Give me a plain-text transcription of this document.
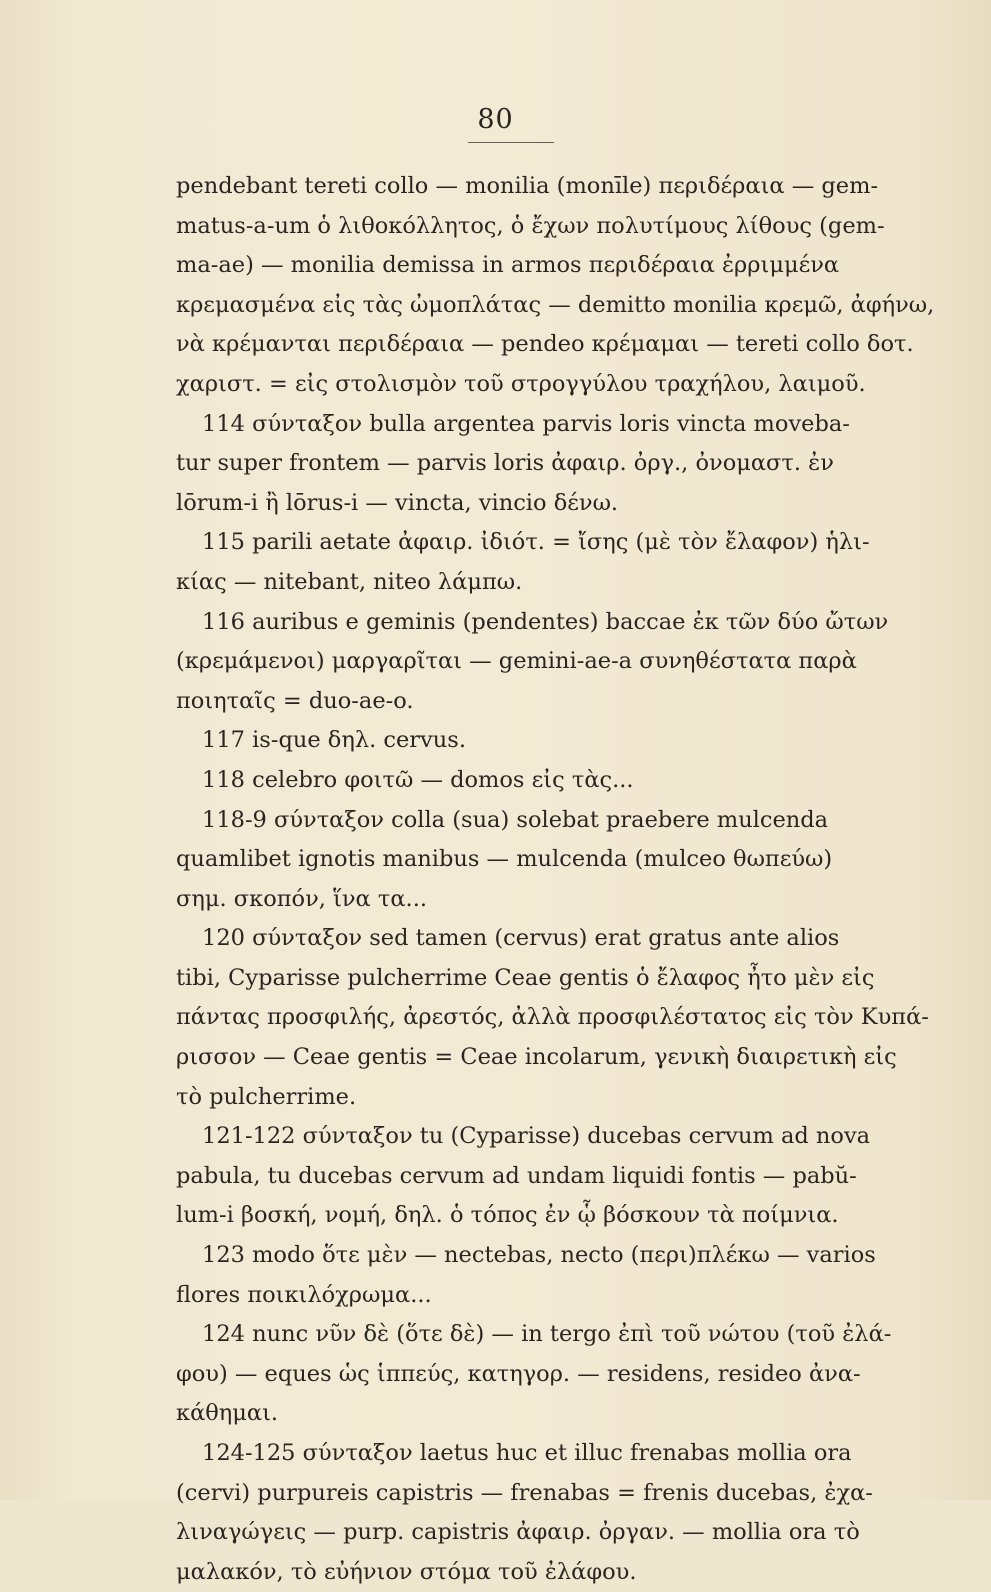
80
pendebant tereti collo — monilia (monīle) περιδέραια — gem-
matus-a-um ὁ λιθοκόλλητος, ὁ ἔχων πολυτίμους λίθους (gem-
ma-ae) — monilia demissa in armos περιδέραια ἐρριμμένα
κρεμασμένα εἰς τὰς ὠμοπλάτας — demitto monilia κρεμῶ, ἀφήνω,
νὰ κρέμανται περιδέραια — pendeo κρέμαμαι — tereti collo δοτ.
χαριστ. = εἰς στολισμὸν τοῦ στρογγύλου τραχήλου, λαιμοῦ.
114 σύνταξον bulla argentea parvis loris vincta moveba-
tur super frontem — parvis loris ἀφαιρ. ὀργ., ὀνομαστ. ἐν
lōrum-i ἢ lōrus-i — vincta, vincio δένω.
115 parili aetate ἀφαιρ. ἰδιότ. = ἴσης (μὲ τὸν ἔλαφον) ἡλι-
κίας — nitebant, niteo λάμπω.
116 auribus e geminis (pendentes) baccae ἐκ τῶν δύο ὤτων
(κρεμάμενοι) μαργαρῖται — gemini-ae-a συνηθέστατα παρὰ
ποιηταῖς = duo-ae-o.
117 is-que δηλ. cervus.
118 celebro φοιτῶ — domos εἰς τὰς...
118-9 σύνταξον colla (sua) solebat praebere mulcenda
quamlibet ignotis manibus — mulcenda (mulceo θωπεύω)
σημ. σκοπόν, ἵνα τα...
120 σύνταξον sed tamen (cervus) erat gratus ante alios
tibi, Cyparisse pulcherrime Ceae gentis ὁ ἔλαφος ἦτο μὲν εἰς
πάντας προσφιλής, ἀρεστός, ἀλλὰ προσφιλέστατος εἰς τὸν Κυπά-
ρισσον — Ceae gentis = Ceae incolarum, γενικὴ διαιρετικὴ εἰς
τὸ pulcherrime.
121-122 σύνταξον tu (Cyparisse) ducebas cervum ad nova
pabula, tu ducebas cervum ad undam liquidi fontis — pabŭ-
lum-i βοσκή, νομή, δηλ. ὁ τόπος ἐν ᾧ βόσκουν τὰ ποίμνια.
123 modo ὅτε μὲν — nectebas, necto (περι)πλέκω — varios
flores ποικιλόχρωμα...
124 nunc νῦν δὲ (ὅτε δὲ) — in tergo ἐπὶ τοῦ νώτου (τοῦ ἐλά-
φου) — eques ὡς ἱππεύς, κατηγορ. — residens, resideo ἀνα-
κάθημαι.
124-125 σύνταξον laetus huc et illuc frenabas mollia ora
(cervi) purpureis capistris — frenabas = frenis ducebas, ἐχα-
λιναγώγεις — purp. capistris ἀφαιρ. ὀργαν. — mollia ora τὸ
μαλακόν, τὸ εὐήνιον στόμα τοῦ ἐλάφου.
